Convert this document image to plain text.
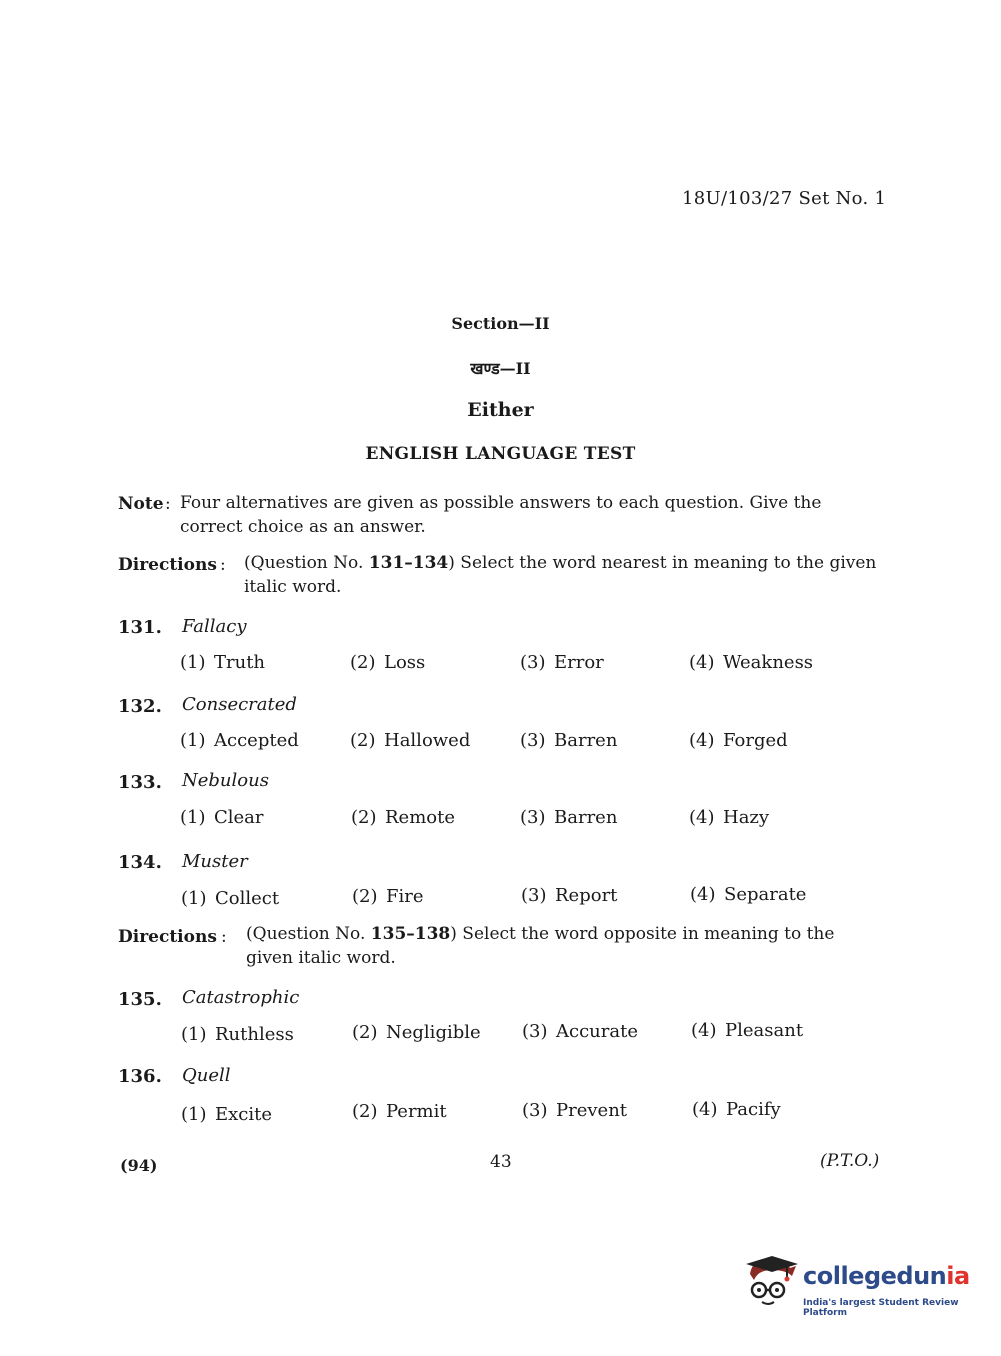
18U/103/27 Set No. 1
Section—II
खण्ड—II
Either
ENGLISH LANGUAGE TEST
Note : Four alternatives are given as possible answers to each question. Give the correct choice as an answer.
Directions : (Question No. 131–134) Select the word nearest in meaning to the given italic word.
Directions : (Question No. 135–138) Select the word opposite in meaning to the given italic word.
131. Fallacy
(1) Truth	(2) Loss	(3) Error	(4) Weakness
132. Consecrated
(1) Accepted	(2) Hallowed	(3) Barren	(4) Forged
133. Nebulous
(1) Clear	(2) Remote	(3) Barren	(4) Hazy
134. Muster
(1) Collect	(2) Fire	(3) Report	(4) Separate
135. Catastrophic
(1) Ruthless	(2) Negligible (3) Accurate	(4) Pleasant
136. Quell
(1) Excite	(2) Permit	(3) Prevent	(4) Pacify
(94)	43	(P.T.O.)
collegedunia
India's largest Student Review Platform
